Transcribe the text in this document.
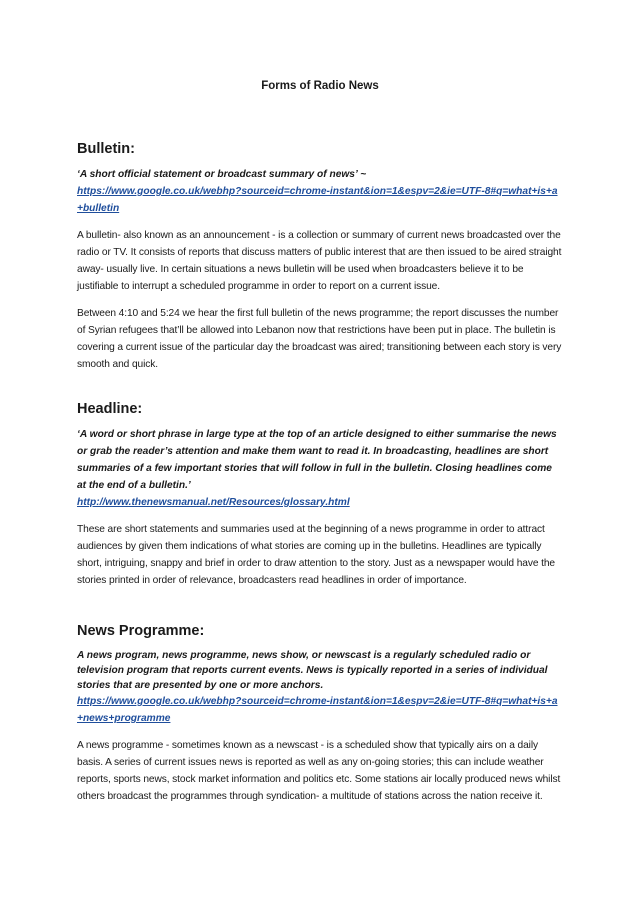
Forms of Radio News
Bulletin:

‘A short official statement or broadcast summary of news’ ~

https://www.google.co.uk/webhp?sourceid=chrome-instant&ion=1&espv=2&ie=UTF-8#q=what+is+a+bulletin

A bulletin- also known as an announcement - is a collection or summary of current news broadcasted over the radio or TV. It consists of reports that discuss matters of public interest that are then issued to be aired straight away- usually live. In certain situations a news bulletin will be used when broadcasters believe it to be justifiable to interrupt a scheduled programme in order to report on a current issue.

Between 4:10 and 5:24 we hear the first full bulletin of the news programme; the report discusses the number of Syrian refugees that’ll be allowed into Lebanon now that restrictions have been put in place. The bulletin is covering a current issue of the particular day the broadcast was aired; transitioning between each story is very smooth and quick.

Headline:

‘A word or short phrase in large type at the top of an article designed to either summarise the news or grab the reader’s attention and make them want to read it. In broadcasting, headlines are short summaries of a few important stories that will follow in full in the bulletin. Closing headlines come at the end of a bulletin.’

http://www.thenewsmanual.net/Resources/glossary.html

These are short statements and summaries used at the beginning of a news programme in order to attract audiences by given them indications of what stories are coming up in the bulletins. Headlines are typically short, intriguing, snappy and brief in order to draw attention to the story. Just as a newspaper would have the stories printed in order of relevance, broadcasters read headlines in order of importance.

News Programme:

A news program, news programme, news show, or newscast is a regularly scheduled radio or television program that reports current events. News is typically reported in a series of individual stories that are presented by one or more anchors.

https://www.google.co.uk/webhp?sourceid=chrome-instant&ion=1&espv=2&ie=UTF-8#q=what+is+a+news+programme

A news programme - sometimes known as a newscast - is a scheduled show that typically airs on a daily basis. A series of current issues news is reported as well as any on-going stories; this can include weather reports, sports news, stock market information and politics etc. Some stations air locally produced news whilst others broadcast the programmes through syndication- a multitude of stations across the nation receive it.
